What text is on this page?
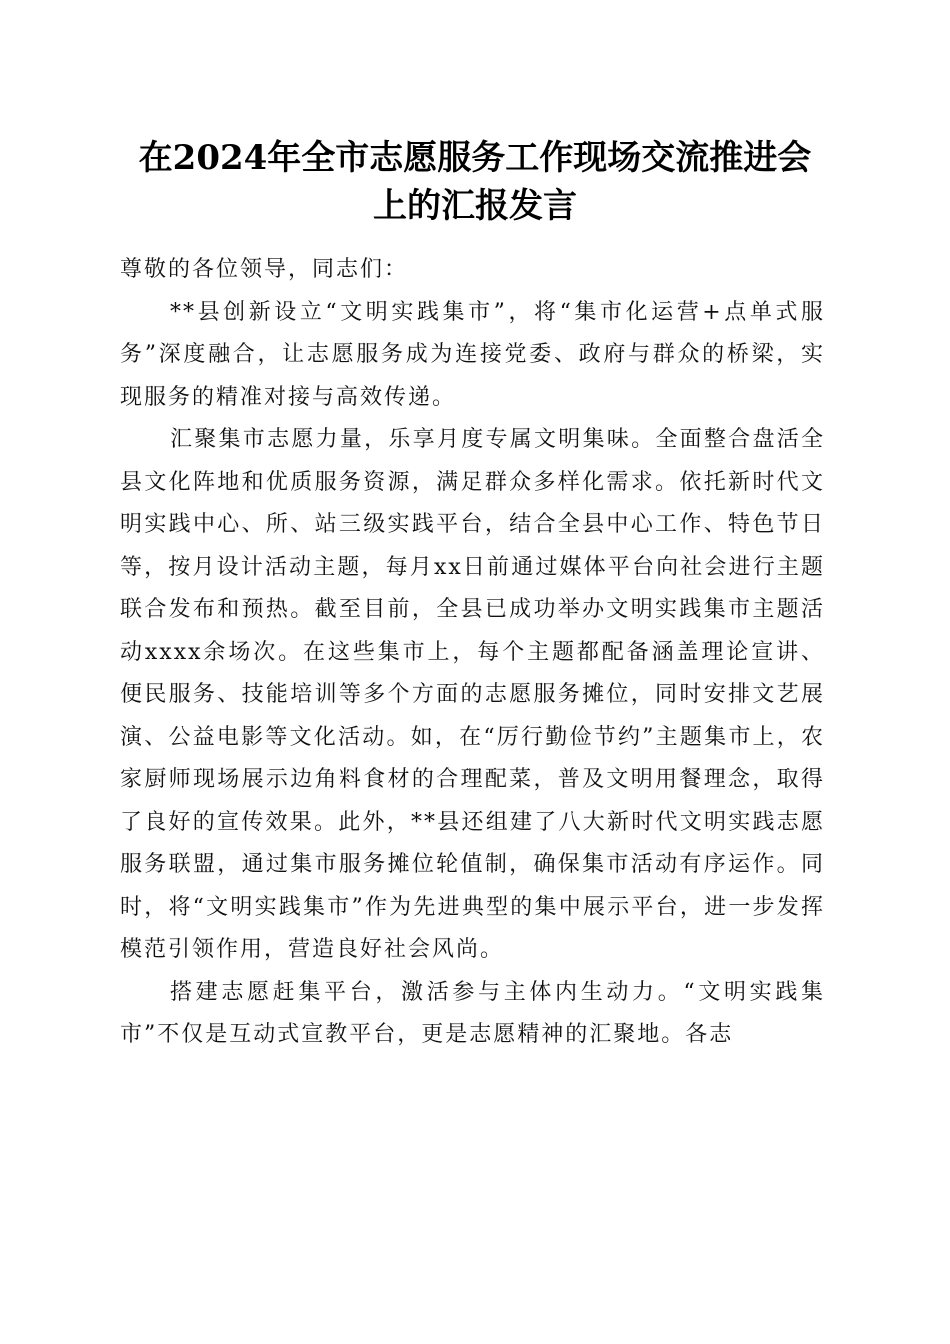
在2024年全市志愿服务工作现场交流推进会
上的汇报发言

尊敬的各位领导，同志们：

**县创新设立“文明实践集市”，将“集市化运营+点单式服务”深度融合，让志愿服务成为连接党委、政府与群众的桥梁，实现服务的精准对接与高效传递。

汇聚集市志愿力量，乐享月度专属文明集味。全面整合盘活全县文化阵地和优质服务资源，满足群众多样化需求。依托新时代文明实践中心、所、站三级实践平台，结合全县中心工作、特色节日等，按月设计活动主题，每月xx日前通过媒体平台向社会进行主题联合发布和预热。截至目前，全县已成功举办文明实践集市主题活动xxxx余场次。在这些集市上，每个主题都配备涵盖理论宣讲、便民服务、技能培训等多个方面的志愿服务摊位，同时安排文艺展演、公益电影等文化活动。如，在“厉行勤俭节约”主题集市上，农家厨师现场展示边角料食材的合理配菜，普及文明用餐理念，取得了良好的宣传效果。此外，**县还组建了八大新时代文明实践志愿服务联盟，通过集市服务摊位轮值制，确保集市活动有序运作。同时，将“文明实践集市”作为先进典型的集中展示平台，进一步发挥模范引领作用，营造良好社会风尚。

搭建志愿赶集平台，激活参与主体内生动力。“文明实践集市”不仅是互动式宣教平台，更是志愿精神的汇聚地。各志
